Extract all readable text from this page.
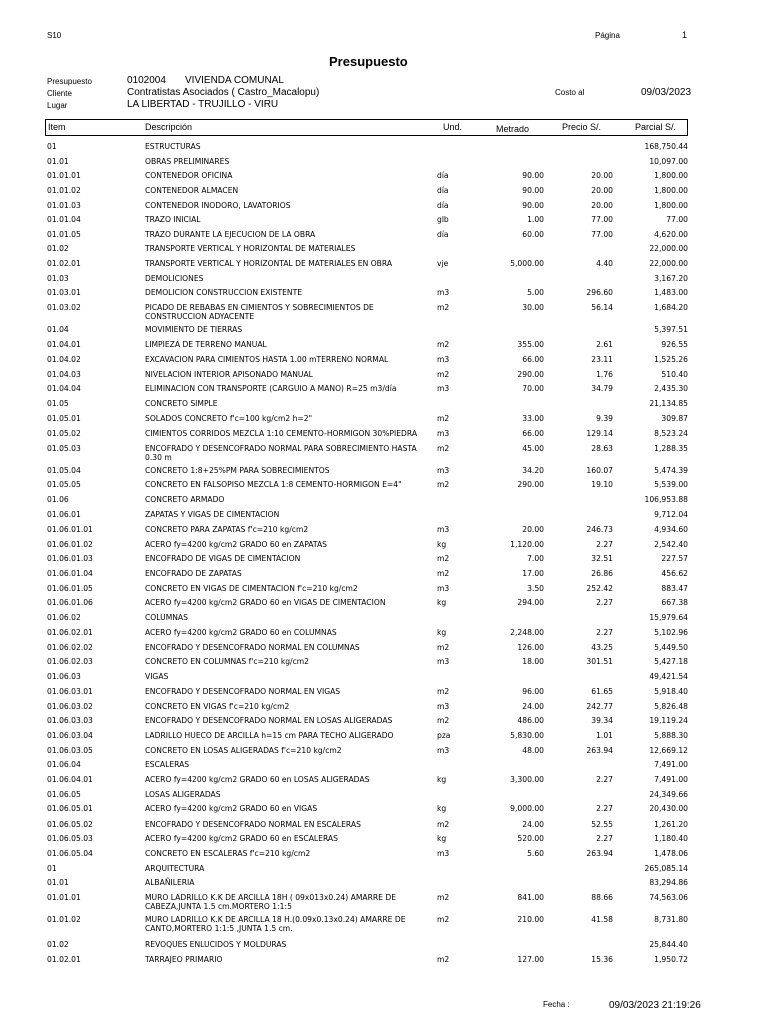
S10	Página	1
Presupuesto
Presupuesto	0102004 VIVIENDA COMUNAL
Cliente	Contratistas Asociados ( Castro_Macalopu)	Costo al	09/03/2023
Lugar	LA LIBERTAD - TRUJILLO - VIRU
Item	Descripción	Und.	Metrado	Precio S/.	Parcial S/.
01	ESTRUCTURAS	168,750.44
01.01	OBRAS PRELIMINARES	10,097.00
01.01.01	CONTENEDOR OFICINA	día	90.00	20.00	1,800.00
01.01.02	CONTENEDOR ALMACEN	día	90.00	20.00	1,800.00
01.01.03	CONTENEDOR INODORO, LAVATORIOS	día	90.00	20.00	1,800.00
01.01.04	TRAZO INICIAL	glb	1.00	77.00	77.00
01.01.05	TRAZO DURANTE LA EJECUCION DE LA OBRA	día	60.00	77.00	4,620.00
01.02	TRANSPORTE VERTICAL Y HORIZONTAL DE MATERIALES	22,000.00
01.02.01	TRANSPORTE VERTICAL Y HORIZONTAL DE MATERIALES EN OBRA	vje	5,000.00	4.40	22,000.00
01.03	DEMOLICIONES	3,167.20
01.03.01	DEMOLICION CONSTRUCCION EXISTENTE	m3	5.00	296.60	1,483.00
01.03.02	PICADO DE REBABAS EN CIMIENTOS Y SOBRECIMIENTOS DE CONSTRUCCION ADYACENTE
m2	30.00	56.14	1,684.20
01.04	MOVIMIENTO DE TIERRAS	5,397.51
01.04.01	LIMPIEZA DE TERRENO MANUAL	m2	355.00	2.61	926.55
01.04.02	EXCAVACION PARA CIMIENTOS HASTA 1.00 mTERRENO NORMAL	m3	66.00	23.11	1,525.26
01.04.03	NIVELACION INTERIOR APISONADO MANUAL	m2	290.00	1.76	510.40
01.04.04	ELIMINACION CON TRANSPORTE (CARGUIO A MANO) R=25 m3/día	m3	70.00	34.79	2,435.30
01.05	CONCRETO SIMPLE	21,134.85
01.05.01	SOLADOS CONCRETO f'c=100 kg/cm2 h=2"	m2	33.00	9.39	309.87
01.05.02	CIMIENTOS CORRIDOS MEZCLA 1:10 CEMENTO-HORMIGON 30%PIEDRA	m3	66.00	129.14	8,523.24
01.05.03	ENCOFRADO Y DESENCOFRADO NORMAL PARA SOBRECIMIENTO HASTA 0.30 m
m2	45.00	28.63	1,288.35
01.05.04	CONCRETO 1:8+25%PM PARA SOBRECIMIENTOS	m3	34.20	160.07	5,474.39
01.05.05	CONCRETO EN FALSOPISO MEZCLA 1:8 CEMENTO-HORMIGON E=4"	m2	290.00	19.10	5,539.00
01.06	CONCRETO ARMADO	106,953.88
01.06.01	ZAPATAS Y VIGAS DE CIMENTACION	9,712.04
01.06.01.01	CONCRETO PARA ZAPATAS f'c=210 kg/cm2	m3	20.00	246.73	4,934.60
01.06.01.02	ACERO fy=4200 kg/cm2 GRADO 60 en ZAPATAS	kg	1,120.00	2.27	2,542.40
01.06.01.03	ENCOFRADO DE VIGAS DE CIMENTACION	m2	7.00	32.51	227.57
01.06.01.04	ENCOFRADO DE ZAPATAS	m2	17.00	26.86	456.62
01.06.01.05	CONCRETO EN VIGAS DE CIMENTACION f'c=210 kg/cm2	m3	3.50	252.42	883.47
01.06.01.06	ACERO fy=4200 kg/cm2 GRADO 60 en VIGAS DE CIMENTACION	kg	294.00	2.27	667.38
01.06.02	COLUMNAS	15,979.64
01.06.02.01	ACERO fy=4200 kg/cm2 GRADO 60 en COLUMNAS	kg	2,248.00	2.27	5,102.96
01.06.02.02	ENCOFRADO Y DESENCOFRADO NORMAL EN COLUMNAS	m2	126.00	43.25	5,449.50
01.06.02.03	CONCRETO EN COLUMNAS f'c=210 kg/cm2	m3	18.00	301.51	5,427.18
01.06.03	VIGAS	49,421.54
01.06.03.01	ENCOFRADO Y DESENCOFRADO NORMAL EN VIGAS	m2	96.00	61.65	5,918.40
01.06.03.02	CONCRETO EN VIGAS f'c=210 kg/cm2	m3	24.00	242.77	5,826.48
01.06.03.03	ENCOFRADO Y DESENCOFRADO NORMAL EN LOSAS ALIGERADAS	m2	486.00	39.34	19,119.24
01.06.03.04	LADRILLO HUECO DE ARCILLA h=15 cm PARA TECHO ALIGERADO	pza	5,830.00	1.01	5,888.30
01.06.03.05	CONCRETO EN LOSAS ALIGERADAS f'c=210 kg/cm2	m3	48.00	263.94	12,669.12
01.06.04	ESCALERAS	7,491.00
01.06.04.01	ACERO fy=4200 kg/cm2 GRADO 60 en LOSAS ALIGERADAS	kg	3,300.00	2.27	7,491.00
01.06.05	LOSAS ALIGERADAS	24,349.66
01.06.05.01	ACERO fy=4200 kg/cm2 GRADO 60 en VIGAS	kg	9,000.00	2.27	20,430.00
01.06.05.02	ENCOFRADO Y DESENCOFRADO NORMAL EN ESCALERAS	m2	24.00	52.55	1,261.20
01.06.05.03	ACERO fy=4200 kg/cm2 GRADO 60 en ESCALERAS	kg	520.00	2.27	1,180.40
01.06.05.04	CONCRETO EN ESCALERAS f'c=210 kg/cm2	m3	5.60	263.94	1,478.06
01	ARQUITECTURA	265,085.14
01.01	ALBAÑILERIA	83,294.86
01.01.01	MURO LADRILLO K.K DE ARCILLA 18H ( 09x013x0.24) AMARRE DE CABEZA,JUNTA 1.5 cm.MORTERO 1:1:5
m2	841.00	88.66	74,563.06
01.01.02	MURO LADRILLO K.K DE ARCILLA 18 H.(0.09x0.13x0.24) AMARRE DE CANTO,MORTERO 1:1:5 ,JUNTA 1.5 cm.
m2	210.00	41.58	8,731.80
01.02	REVOQUES ENLUCIDOS Y MOLDURAS	25,844.40
01.02.01	TARRAJEO PRIMARIO	m2	127.00	15.36	1,950.72
Fecha :	09/03/2023 21:19:26
